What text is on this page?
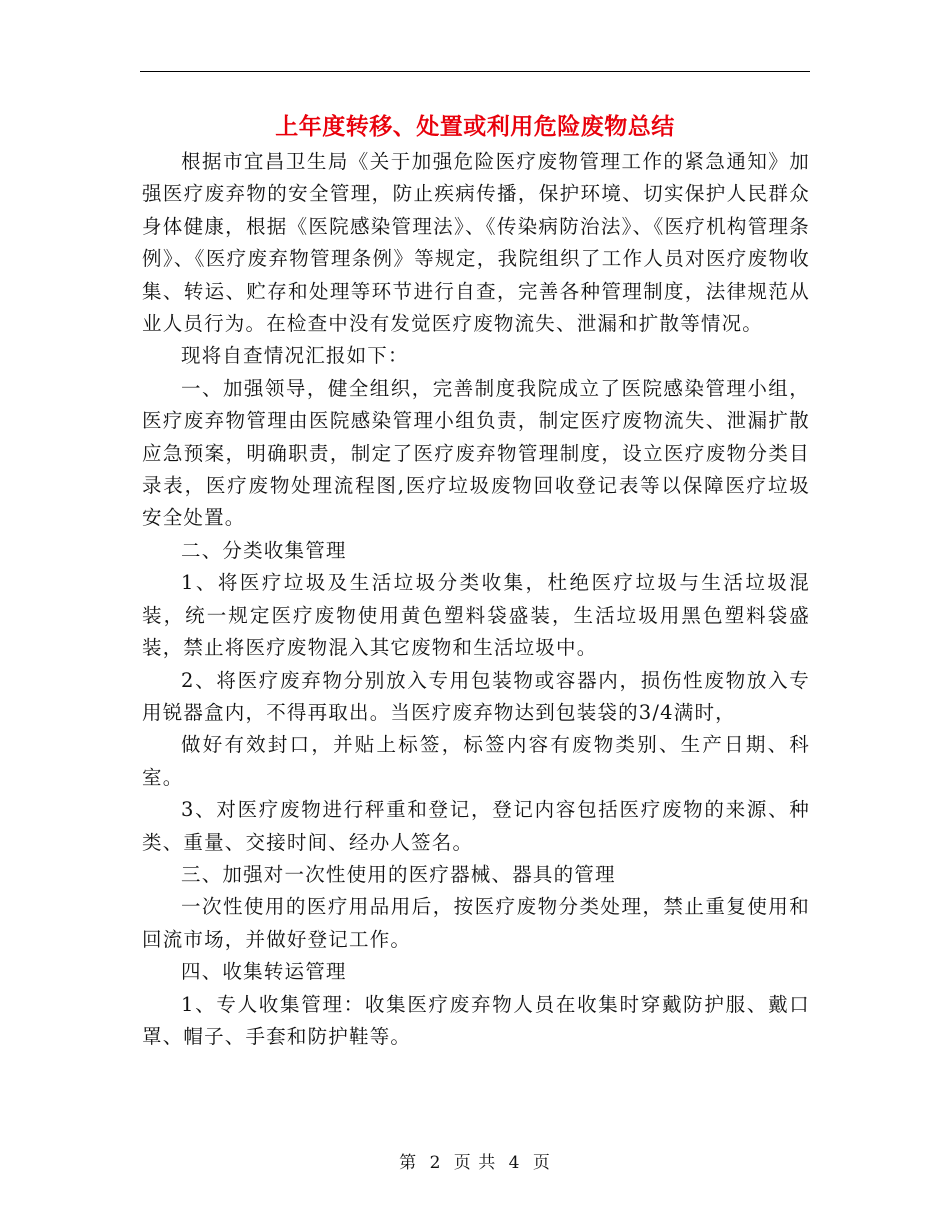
上年度转移、处置或利用危险废物总结

根据市宜昌卫生局《关于加强危险医疗废物管理工作的紧急通知》加强医疗废弃物的安全管理，防止疾病传播，保护环境、切实保护人民群众身体健康，根据《医院感染管理法》、《传染病防治法》、《医疗机构管理条例》、《医疗废弃物管理条例》等规定，我院组织了工作人员对医疗废物收集、转运、贮存和处理等环节进行自查，完善各种管理制度，法律规范从业人员行为。在检查中没有发觉医疗废物流失、泄漏和扩散等情况。

现将自查情况汇报如下：

一、加强领导，健全组织，完善制度我院成立了医院感染管理小组，医疗废弃物管理由医院感染管理小组负责，制定医疗废物流失、泄漏扩散应急预案，明确职责，制定了医疗废弃物管理制度，设立医疗废物分类目录表，医疗废物处理流程图,医疗垃圾废物回收登记表等以保障医疗垃圾安全处置。

二、分类收集管理

1、将医疗垃圾及生活垃圾分类收集，杜绝医疗垃圾与生活垃圾混装，统一规定医疗废物使用黄色塑料袋盛装，生活垃圾用黑色塑料袋盛装，禁止将医疗废物混入其它废物和生活垃圾中。

2、将医疗废弃物分别放入专用包装物或容器内，损伤性废物放入专用锐器盒内，不得再取出。当医疗废弃物达到包装袋的3/4满时，

做好有效封口，并贴上标签，标签内容有废物类别、生产日期、科室。

3、对医疗废物进行秤重和登记，登记内容包括医疗废物的来源、种类、重量、交接时间、经办人签名。

三、加强对一次性使用的医疗器械、器具的管理

一次性使用的医疗用品用后，按医疗废物分类处理，禁止重复使用和回流市场，并做好登记工作。

四、收集转运管理

1、专人收集管理：收集医疗废弃物人员在收集时穿戴防护服、戴口罩、帽子、手套和防护鞋等。

第 2 页 共 4 页
